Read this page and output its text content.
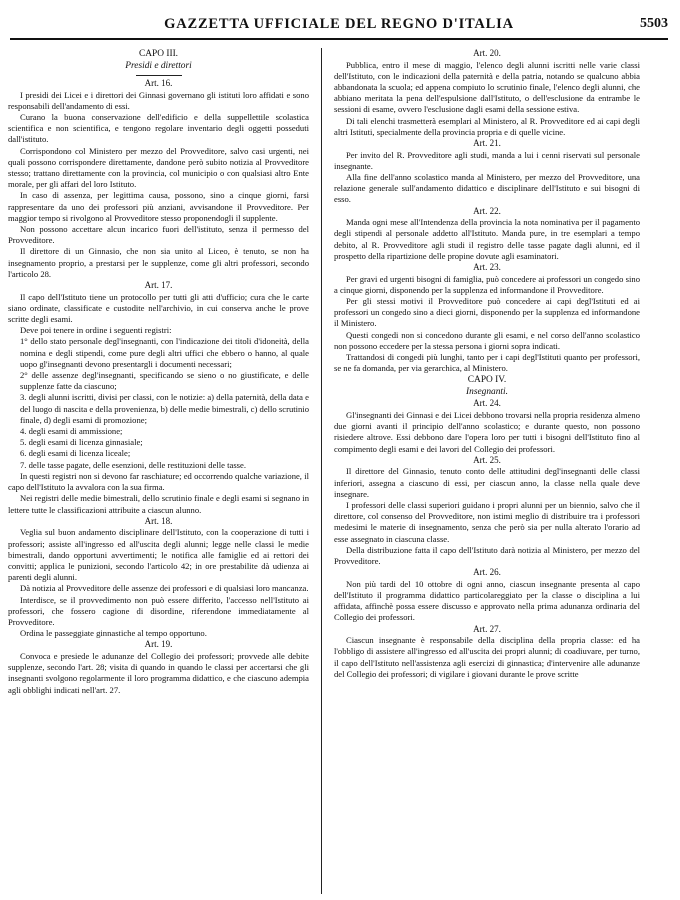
GAZZETTA UFFICIALE DEL REGNO D'ITALIA	5503
CAPO III.
Presidi e direttori
Art. 16.

I presidi dei Licei e i direttori dei Ginnasi governano gli istituti loro affidati e sono responsabili dell'andamento di essi.

Curano la buona conservazione dell'edificio e della suppellettile scolastica scientifica e non scientifica, e tengono regolare inventario degli oggetti posseduti dall'istituto.

Corrispondono col Ministero per mezzo del Provveditore, salvo casi urgenti, nei quali possono corrispondere direttamente, dandone però subito notizia al Provveditore stesso; trattano direttamente con la provincia, col municipio o con qualsiasi altro Ente morale, per gli affari del loro Istituto.

In caso di assenza, per legittima causa, possono, sino a cinque giorni, farsi rappresentare da uno dei professori più anziani, avvisandone il Provveditore. Per maggior tempo si rivolgono al Provveditore stesso proponendogli il supplente.

Non possono accettare alcun incarico fuori dell'istituto, senza il permesso del Provveditore.

Il direttore di un Ginnasio, che non sia unito al Liceo, è tenuto, se non ha insegnamento proprio, a prestarsi per le supplenze, come gli altri professori, secondo l'articolo 28.

Art. 17.

Il capo dell'Istituto tiene un protocollo per tutti gli atti d'ufficio; cura che le carte siano ordinate, classificate e custodite nell'archivio, in cui conserva anche le prove scritte degli esami.

Deve poi tenere in ordine i seguenti registri:

1° dello stato personale degl'insegnanti, con l'indicazione dei titoli d'idoneità, della nomina e degli stipendi, come pure degli altri uffici che ebbero o hanno, al quale uopo gl'insegnanti devono presentargli i documenti necessari;

2° delle assenze degl'insegnanti, specificando se sieno o no giustificate, e delle supplenze fatte da ciascuno;

3. degli alunni iscritti, divisi per classi, con le notizie: a) della paternità, della data e del luogo di nascita e della provenienza, b) delle medie bimestrali, c) dello scrutinio finale, d) degli esami di promozione;

4. degli esami di ammissione;

5. degli esami di licenza ginnasiale;

6. degli esami di licenza liceale;

7. delle tasse pagate, delle esenzioni, delle restituzioni delle tasse.

In questi registri non si devono far raschiature; ed occorrendo qualche variazione, il capo dell'Istituto la avvalora con la sua firma.

Nei registri delle medie bimestrali, dello scrutinio finale e degli esami si segnano in lettere tutte le classificazioni attribuite a ciascun alunno.

Art. 18.

Veglia sul buon andamento disciplinare dell'Istituto, con la cooperazione di tutti i professori; assiste all'ingresso ed all'uscita degli alunni; legge nelle classi le medie bimestrali, dando opportuni avvertimenti; le notifica alle famiglie ed ai rettori dei convitti; applica le punizioni, secondo l'articolo 42; in ore prestabilite dà udienza ai parenti degli alunni.

Dà notizia al Provveditore delle assenze dei professori e di qualsiasi loro mancanza.

Interdisce, se il provvedimento non può essere differito, l'accesso nell'Istituto ai professori, che fossero cagione di disordine, riferendone immediatamente al Provveditore.

Ordina le passeggiate ginnastiche al tempo opportuno.

Art. 19.

Convoca e presiede le adunanze del Collegio dei professori; provvede alle debite supplenze, secondo l'art. 28; visita di quando in quando le classi per accertarsi che gli insegnanti svolgono regolarmente il loro programma didattico, e che ciascuno adempia agli obblighi indicati nell'art. 27.

Art. 20.

Pubblica, entro il mese di maggio, l'elenco degli alunni iscritti nelle varie classi dell'Istituto, con le indicazioni della paternità e della patria, notando se qualcuno abbia abbandonata la scuola; ed appena compiuto lo scrutinio finale, l'elenco degli alunni, che abbiano meritata la pena dell'espulsione dall'Istituto, o dell'esclusione da entrambe le sessioni di esame, ovvero l'esclusione dagli esami della sessione estiva.

Di tali elenchi trasmetterà esemplari al Ministero, al R. Provveditore ed ai capi degli altri Istituti, specialmente della provincia propria e di quelle vicine.

Art. 21.

Per invito del R. Provveditore agli studi, manda a lui i cenni riservati sul personale insegnante.

Alla fine dell'anno scolastico manda al Ministero, per mezzo del Provveditore, una relazione generale sull'andamento didattico e disciplinare dell'Istituto e sui bisogni di esso.

Art. 22.

Manda ogni mese all'Intendenza della provincia la nota nominativa per il pagamento degli stipendi al personale addetto all'Istituto. Manda pure, in tre esemplari a tempo debito, al R. Provveditore agli studi il registro delle tasse pagate dagli alunni, ed il prospetto della ripartizione delle propine dovute agli esaminatori.

Art. 23.

Per gravi ed urgenti bisogni di famiglia, può concedere ai professori un congedo sino a cinque giorni, disponendo per la supplenza ed informandone il Provveditore.

Per gli stessi motivi il Provveditore può concedere ai capi degl'Istituti ed ai professori un congedo sino a dieci giorni, disponendo per la supplenza ed informandone il Ministero.

Questi congedi non si concedono durante gli esami, e nel corso dell'anno scolastico non possono eccedere per la stessa persona i giorni sopra indicati.

Trattandosi di congedi più lunghi, tanto per i capi degl'Istituti quanto per professori, se ne fa domanda, per via gerarchica, al Ministero.

CAPO IV.
Insegnanti.
Art. 24.

Gl'insegnanti dei Ginnasi e dei Licei debbono trovarsi nella propria residenza almeno due giorni avanti il principio dell'anno scolastico; e durante questo, non possono risiedere altrove. Essi debbono dare l'opera loro per tutti i bisogni dell'Istituto fino al compimento degli esami e dei lavori del Collegio dei professori.

Art. 25.

Il direttore del Ginnasio, tenuto conto delle attitudini degl'insegnanti delle classi inferiori, assegna a ciascuno di essi, per ciascun anno, la classe nella quale deve insegnare.

I professori delle classi superiori guidano i propri alunni per un biennio, salvo che il direttore, col consenso del Provveditore, non istimi meglio di distribuire tra i professori medesimi le materie di insegnamento, senza che però sia per nulla alterato l'orario ad esse assegnato in ciascuna classe.

Della distribuzione fatta il capo dell'Istituto darà notizia al Ministero, per mezzo del Provveditore.

Art. 26.

Non più tardi del 10 ottobre di ogni anno, ciascun insegnante presenta al capo dell'Istituto il programma didattico particolareggiato per la classe o disciplina a lui affidata, affinchè possa essere discusso e approvato nella prima adunanza ordinaria del Collegio dei professori.

Art. 27.

Ciascun insegnante è responsabile della disciplina della propria classe: ed ha l'obbligo di assistere all'ingresso ed all'uscita dei propri alunni; di coadiuvare, per turno, il capo dell'Istituto nell'assistenza agli esercizi di ginnastica; d'intervenire alle adunanze del Collegio dei professori; di vigilare i giovani durante le prove scritte
